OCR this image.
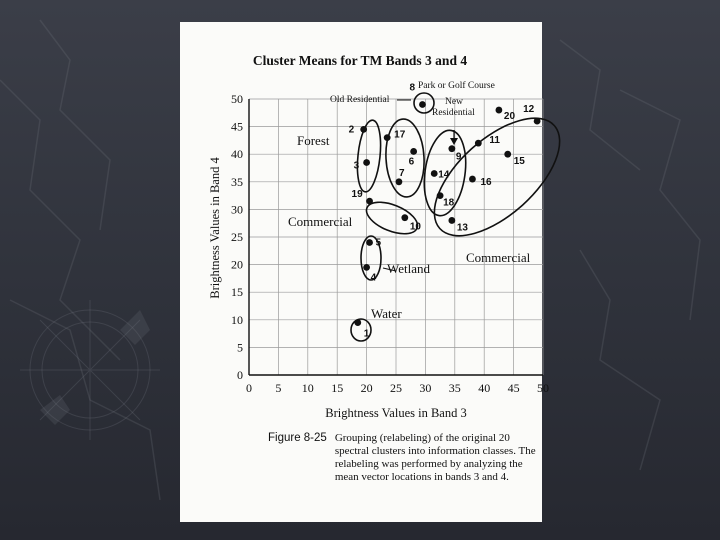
Cluster Means for TM Bands 3 and 4
0 5 10 15 20 25 30 35 40 45 50
0
5
10
15
20
25
30
35
40
45
50
1
2
3
4
5
6
7
8
9
10
11
12
13
14
15
16
17
18
19
20
Forest
Commercial
Commercial
Wetland
Water
Old Residential
Park or Golf Course
New Residential
Brightness Values in Band 3
Brightness Values in Band 4
Figure 8-25 Grouping (relabeling) of the original 20 spectral clusters into information classes. The relabeling was performed by analyzing the mean vector locations in bands 3 and 4.
